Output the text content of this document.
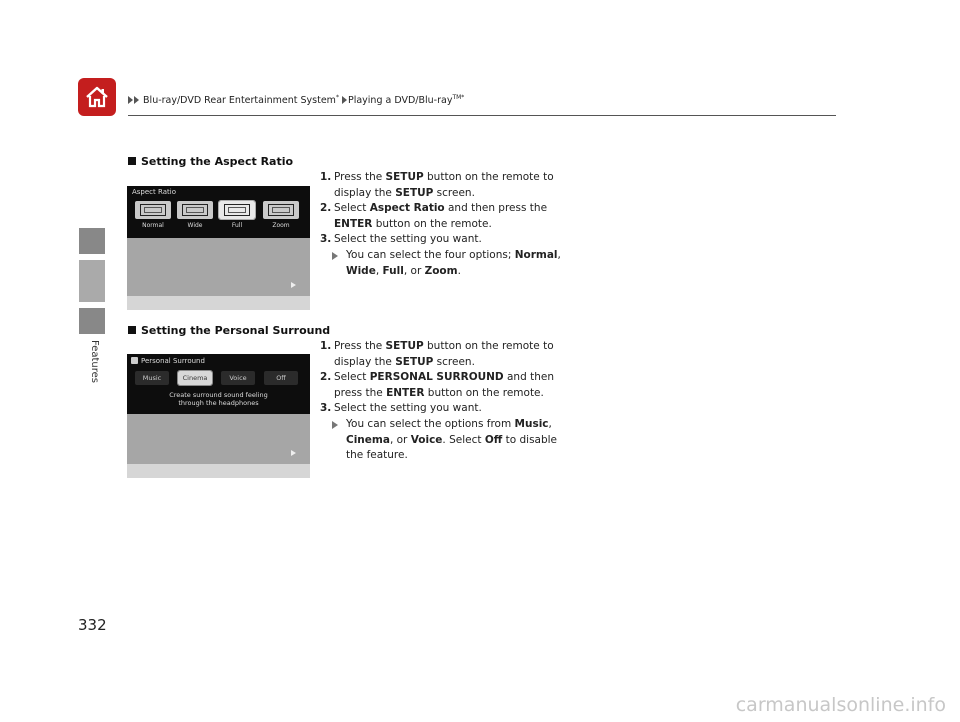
Blu-ray/DVD Rear Entertainment System* Playing a DVD/Blu-ray$^{TM*}$
Features
Setting the Aspect Ratio
Aspect Ratio
Normal	Wide	Full	Zoom
1. Press the SETUP button on the remote to
display the SETUP screen.
2. Select Aspect Ratio and then press the
ENTER button on the remote.
3. Select the setting you want.
You can select the four options; Normal,
Wide, Full, or Zoom.
Setting the Personal Surround
Personal Surround
Music	Cinema	Voice	Off
Create surround sound feeling
through the headphones
1. Press the SETUP button on the remote to
display the SETUP screen.
2. Select PERSONAL SURROUND and then
press the ENTER button on the remote.
3. Select the setting you want.
You can select the options from Music,
Cinema, or Voice. Select Off to disable
the feature.
332
carmanualsonline.info
